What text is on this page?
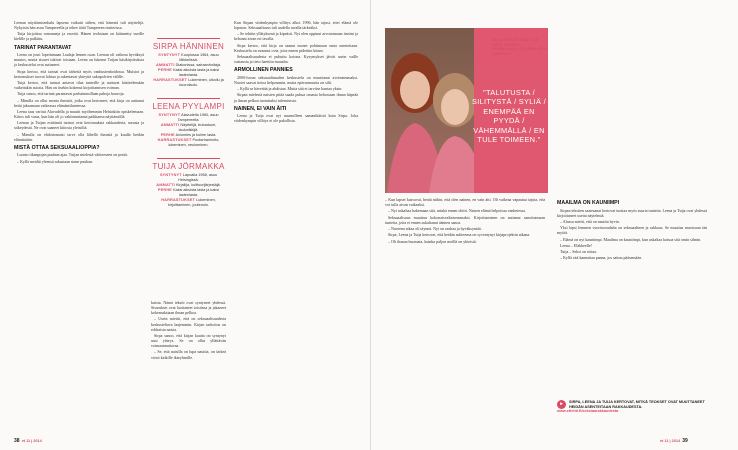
Leenan näyttämisenhalu lapsena vaikutti siihen, että hänestä tuli näyttelijä. Nykyisin hän asuu Tampereella ja tekee töitä Tampereen teatterissa.

Tuija kirjoittaa romaaneja ja esseitä. Hänen teoksiaan on käännetty useille kielille ja palkittu.

TARINAT PARANTAVAT

Leena on jouti lopettamaan Laulaja lennen osan. Leenan oli vaikeaa hyväksyä muutos, mutta sisaret tukivat toisiaan. Leena on lukenut Tuijan käsikirjoituksia ja keskustelut ovat auttaneet.

Sirpa kertoo, että tarinat ovat tärkeitä myös vanhustenhoidossa. Muistot ja kertomukset tuovat lohtua ja rakentavat yhteyttä sukupolvien välille.

Tuija kertoo, että tarinat antavat tilaa tunteille ja auttavat käsittelemään vaikeitakin asioita. Hän on itsekin kokenut kirjoittamisen voiman.

Tuija sanoo, että tarinat parantavat parhaimmillaan pahoja haavoja.

– Minulla on ollut monta ihmistä, jotka ovat kertoneet, että kirja on auttanut heitä jaksamaan vaikeassa elämäntilanteessa.

Leena taas varttui Alavudella ja muutti myöhemmin Helsinkiin opiskelemaan. Kiitos tuli vasta, kun hän oli jo vakiinnuttanut paikkansa näyttämöllä.

Leenan ja Tuijan esittämät tarinat ovat kertomuksia rakkaudesta, surusta ja sitkeydestä. Ne ovat saaneet kiitosta yleisöltä.

– Minulla on ehdottomasti tarve olla lähellä ihmisiä ja kuulla heidän elämästään.

MISTÄ OTTAA SEKSUAALIOPPIA?

Luonto tikanpojan puuhun ajaa. Tuijan mielestä väitteeseen on perää.

– Kyllä meidät yleensä rakastaan sinne puuhun.

SIRPA HÄNNINEN
SYNTYNYT Kuopiossa 1964, asuu Mikkelissä.
AMMATTI Diakonissa, sairaanhoitaja.
PERHE Kaksi aikuista lasta ja kaksi lastenlasta.
HARRASTUKSET Lukeminen, ulkoilu ja kuorolaulu.
LEENA PYYLAMPI
SYNTYNYT Alavudella 1960, asuu Tampereella.
AMMATTI Näyttelijä, trubaduuri, laulunikkijä.
PERHE Aviomies ja kolme lasta.
HARRASTUKSET Puutarhanhoito, lukeminen, neulominen.
TUIJA JÖRMAKKA
SYNTYNYT Lapualla 1958, asuu Helsingissä.
AMMATTI Kirjailija, kulttuurijärjestäjä.
PERHE Kaksi aikuista lasta ja kaksi lastenlasta.
HARRASTUKSET Lukeminen, kirjoittaminen, joutenolo.

Kun Sirpan viidenkympin villitys alkoi 1996, hän tajusi, ettei elämä ole loputon. Seksuaalisuus tuli uudella tavalla tärkeäksi.

– Se tehtiin yllätyksenä ja kipeästi. Nyt olen oppinut arvostamaan itseäni ja kehoani aivan eri tavalla.

Sirpa kertoo, että kirja on saanut monet pohtimaan omia asenteitaan. Keskustelu on avannut ovia, joita ennen pidettiin kiinni.

Seksuaalisuudesta ei puhuttu kotona. Kysymykset jäivät usein vaille vastausta ja tieto haettiin muualta.

ARMOLLINEN PANNIES

2000-luvun seksuaalisuuden keskustelu on muuttunut avoimemmaksi. Nuoret saavat tietoa helpommin, mutta epävarmuutta on silti.

– Kyllä se hävettää ja ahdistaa. Mutta sitä ei tarvitse kantaa yksin.

Sirpan mielestä naisten pitää saada puhua omasta kehostaan ilman häpeää ja ilman pelkoa tuomituksi tulemisesta.

NAINEN, EI VAIN ÄITI

Leena ja Tuija ovat nyt suunnilleen samanikäisiä kuin Sirpa. Joka viidenkympin villitys ei ole pakollista.

kuisia. Nämä tekstit ovat syntyneet yhdessä. Sisarukset ovat luottaneet toisiinsa ja jakaneet kokemuksiaan ilman pelkoa.

– Usein miettii, että on seksuaalisuudesta keskusteltava laajemmin. Kirjan tarkoitus on rohkaista naisia.

Sirpa sanoo, että kirjan kautta on syntynyt uusi yhteys. Se on ollut yllättävän voimaannuttavaa.

– Se, että naisilla on lupa nauttia, on tärkeä viesti kaikille ikäryhmille.

38 et 11 | 2014
"TALUTUSTA / SILITYSTÄ / SYLIÄ / ENEMPÄÄ EN PYYDÄ / VÄHEMMÄLLÄ / EN TULE TOIMEEN."
SYLIN TEKIJÄT EIVÄT OLE VIELÄ VALMIITA, HEINÄKUUSSA JÄLLEEN KIRJA ILMESTYY.

– Kun lapset kasvavat, herää niihin, että olen nainen, en vain äiti. Oli vaikeaa vapautua tajuta, että voi tulla aivan vaikeaksi.

– Nyt uskaltaa hakemaan sitä, minkä ennen ohitti. Naisen elämä helpottuu vanhetessa.

Seksuaalisuus muuttuu kokonaisvaltaisemmaksi. Kirjoittaminen on auttanut sanoittamaan tunteita, joita ei ennen uskaltanut ääneen sanoa.

– Nuorena aikaa oli täynnä. Nyt on rauhaa ja hyväksyntää.

Sirpa, Leena ja Tuija kertovat, että heidän suhteensa on syventynyt kirjaprojektin aikana.

– Oli ihanaa huomata, kuinka paljon meillä on yhteistä.

MAAILMA ON KAUNIIMPI

Sirpan tekstien saatesanat kertovat tuottaa myös suuria tunteita. Leena ja Tuija ovat yhdessä kirjoittaneet useita näytelmiä.

– Alussa mietti, että on nauttia hyvin.

Yksi lapsi lemmen vuoristoradalta on seksuaalinen ja rakkaus. Se muuttaa muotoaan iän myötä.

– Elämä on nyt kauniimpi. Maailma on kauniimpi, kun uskaltaa katsoa sitä omin silmin.

Leena – Eläkkeelle!

Tuija – Seksi on tottaa.

– Kyllä sitä kannattaa panna, jos sattuu pääsemään.

▸	SIRPA, LEENA JA TUIJA KERTOVAT, MITKÄ TEOKSET OVAT MUUTTANEET HEIDÄN ASENTEITAAN RAKKAUDESTA.
www.etlehti.fi/seksiaarakkaudesta
et 11 | 2014 39
